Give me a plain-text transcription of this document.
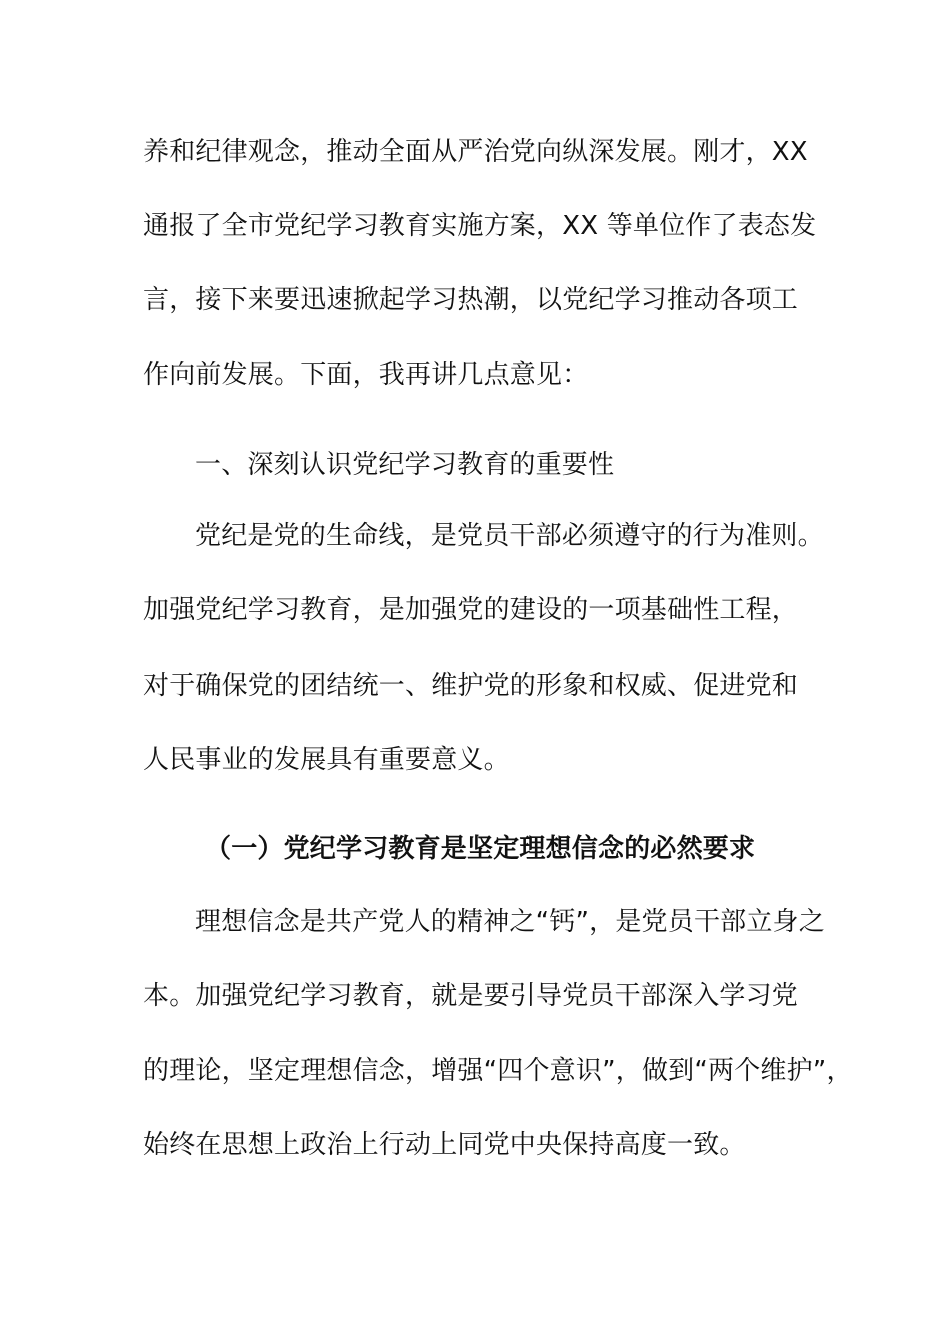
养和纪律观念，推动全面从严治党向纵深发展。刚才，XX
通报了全市党纪学习教育实施方案，XX 等单位作了表态发
言，接下来要迅速掀起学习热潮，以党纪学习推动各项工
作向前发展。下面，我再讲几点意见：
一、深刻认识党纪学习教育的重要性
党纪是党的生命线，是党员干部必须遵守的行为准则。
加强党纪学习教育，是加强党的建设的一项基础性工程，
对于确保党的团结统一、维护党的形象和权威、促进党和
人民事业的发展具有重要意义。
（一）党纪学习教育是坚定理想信念的必然要求
理想信念是共产党人的精神之“钙”，是党员干部立身之
本。加强党纪学习教育，就是要引导党员干部深入学习党
的理论，坚定理想信念，增强“四个意识”，做到“两个维护”，
始终在思想上政治上行动上同党中央保持高度一致。
